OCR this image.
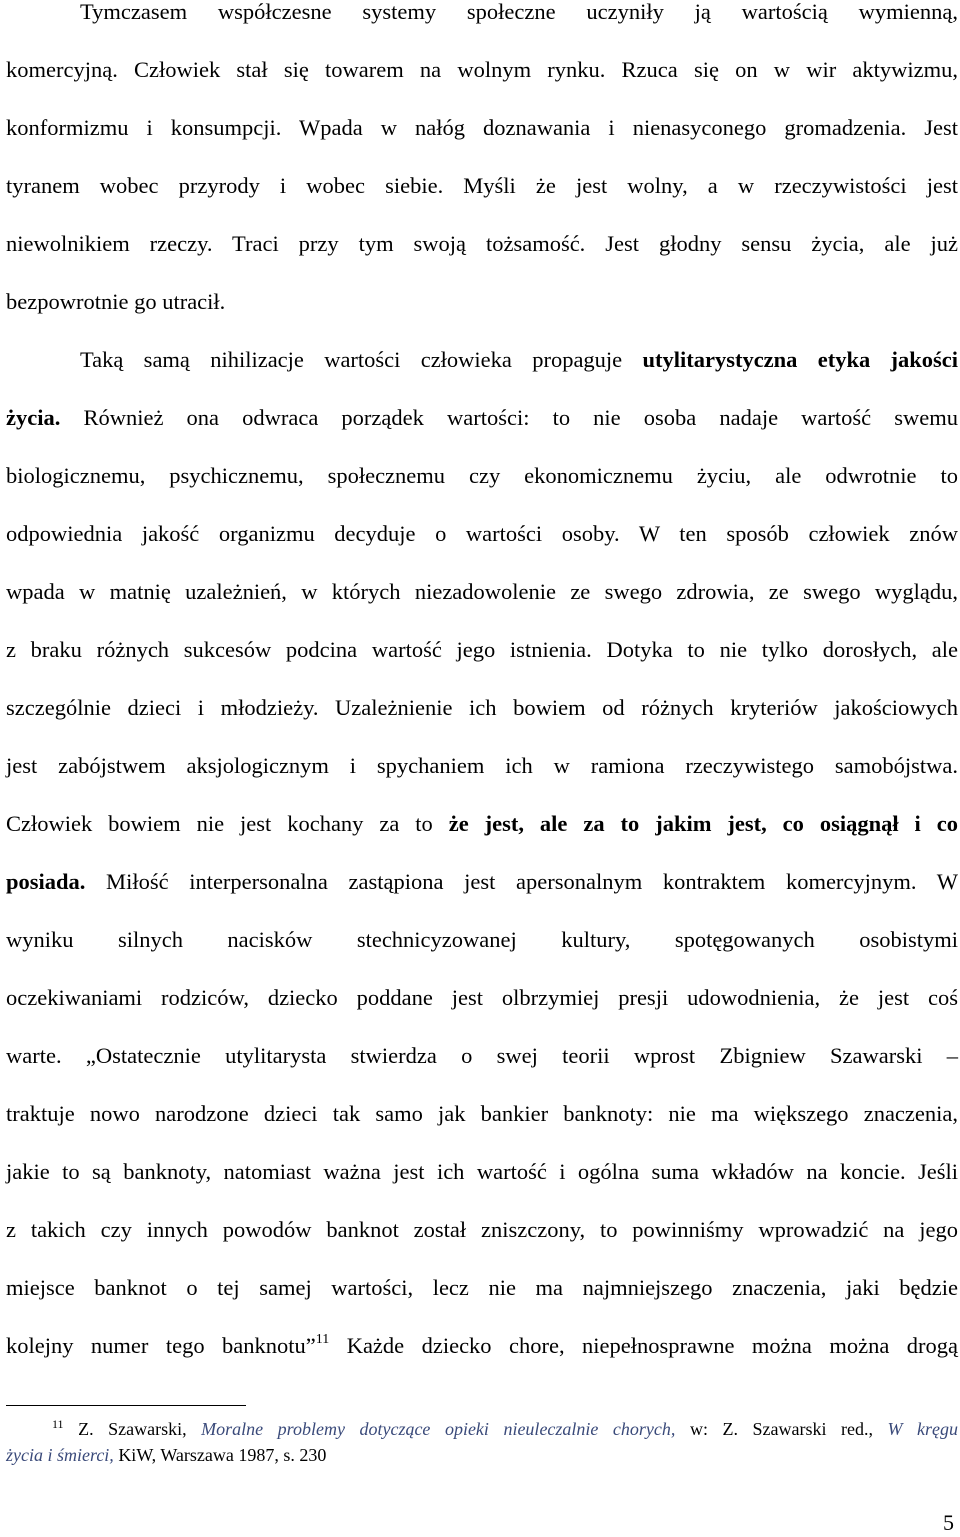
Tymczasem współczesne systemy społeczne uczyniły ją wartością wymienną,
komercyjną. Człowiek stał się towarem na wolnym rynku. Rzuca się on w wir aktywizmu,
konformizmu i konsumpcji. Wpada w nałóg doznawania i nienasyconego gromadzenia. Jest
tyranem wobec przyrody i wobec siebie. Myśli że jest wolny, a w rzeczywistości jest
niewolnikiem rzeczy. Traci przy tym swoją tożsamość. Jest głodny sensu życia, ale już
bezpowrotnie go utracił.
Taką samą nihilizacje wartości człowieka propaguje utylitarystyczna etyka jakości
życia. Również ona odwraca porządek wartości: to nie osoba nadaje wartość swemu
biologicznemu, psychicznemu, społecznemu czy ekonomicznemu życiu, ale odwrotnie to
odpowiednia jakość organizmu decyduje o wartości osoby. W ten sposób człowiek znów
wpada w matnię uzależnień, w których niezadowolenie ze swego zdrowia, ze swego wyglądu,
z braku różnych sukcesów podcina wartość jego istnienia. Dotyka to nie tylko dorosłych, ale
szczególnie dzieci i młodzieży. Uzależnienie ich bowiem od różnych kryteriów jakościowych
jest zabójstwem aksjologicznym i spychaniem ich w ramiona rzeczywistego samobójstwa.
Człowiek bowiem nie jest kochany za to że jest, ale za to jakim jest, co osiągnął i co
posiada. Miłość interpersonalna zastąpiona jest apersonalnym kontraktem komercyjnym. W
wyniku silnych nacisków stechnicyzowanej kultury, spotęgowanych osobistymi
oczekiwaniami rodziców, dziecko poddane jest olbrzymiej presji udowodnienia, że jest coś
warte. „Ostatecznie utylitarysta stwierdza o swej teorii wprost Zbigniew Szawarski –
traktuje nowo narodzone dzieci tak samo jak bankier banknoty: nie ma większego znaczenia,
jakie to są banknoty, natomiast ważna jest ich wartość i ogólna suma wkładów na koncie. Jeśli
z takich czy innych powodów banknot został zniszczony, to powinniśmy wprowadzić na jego
miejsce banknot o tej samej wartości, lecz nie ma najmniejszego znaczenia, jaki będzie
kolejny numer tego banknotu”$^{11}$ Każde dziecko chore, niepełnosprawne można można drogą
$^{11}$ Z. Szawarski, Moralne problemy dotyczące opieki nieuleczalnie chorych, w: Z. Szawarski red., W kręgu
życia i śmierci, KiW, Warszawa 1987, s. 230
5
